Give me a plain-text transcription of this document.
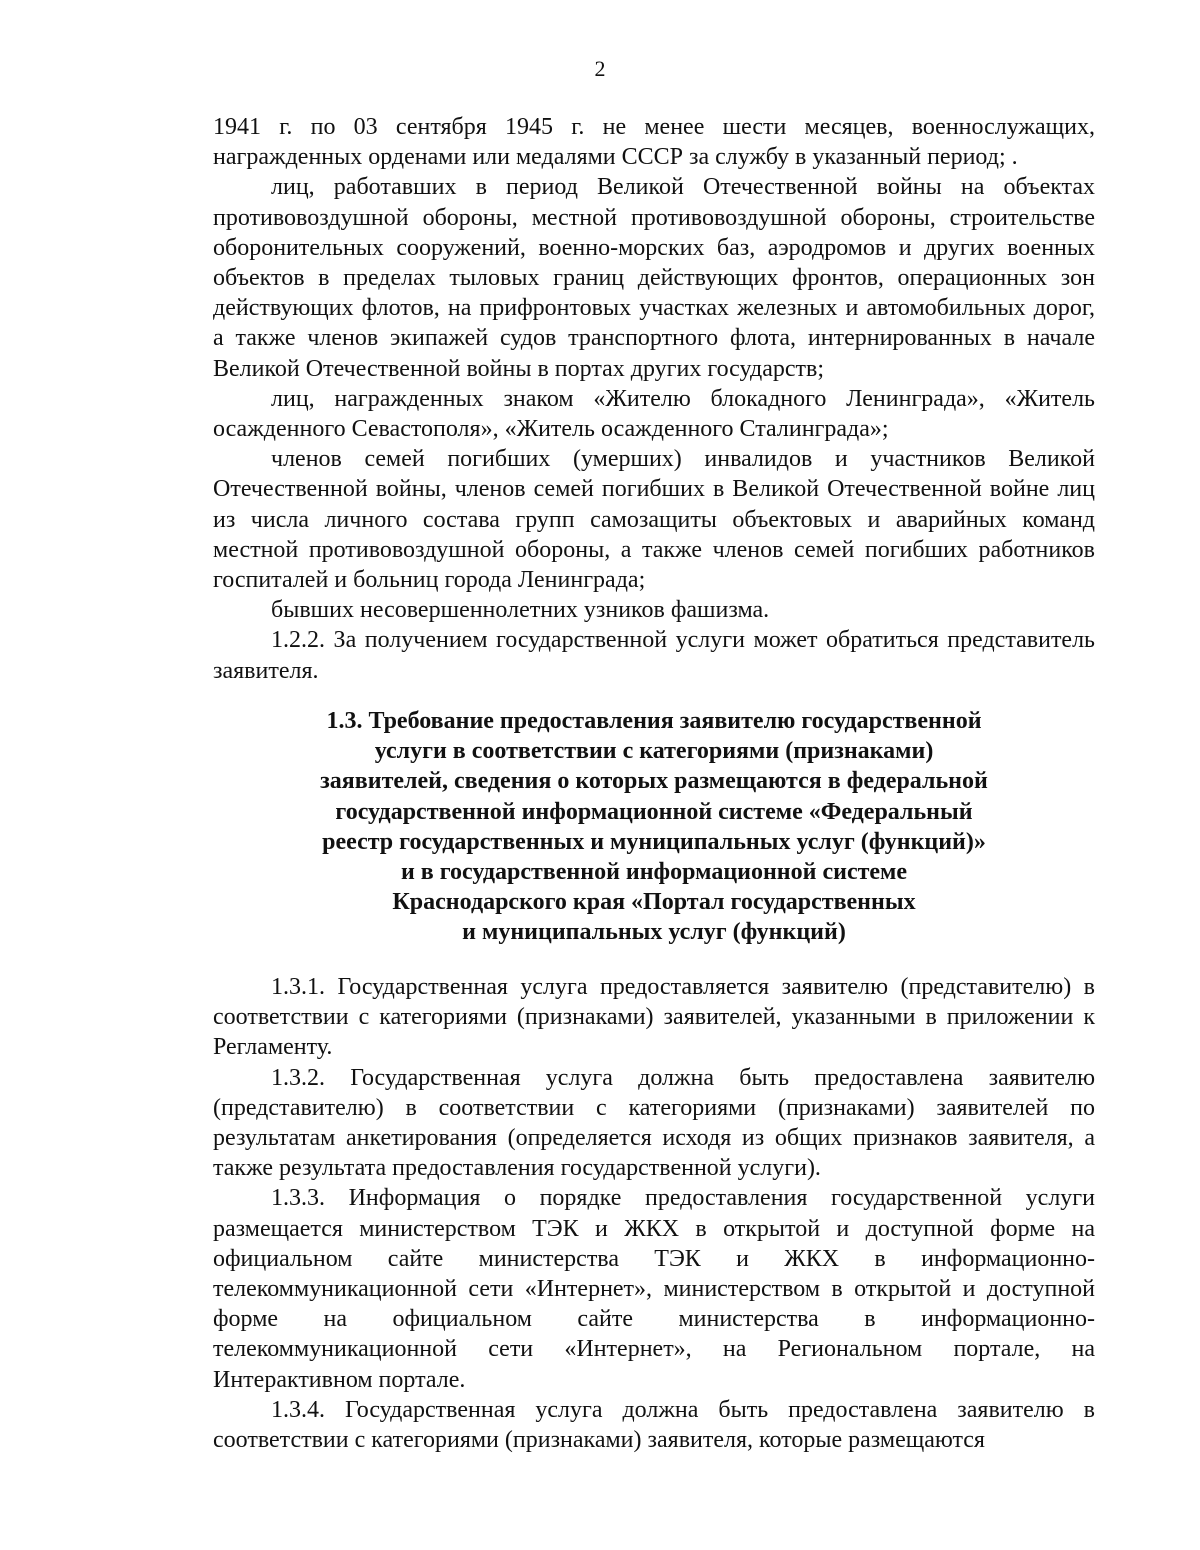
2

1941 г. по 03 сентября 1945 г. не менее шести месяцев, военнослужащих, награжденных орденами или медалями СССР за службу в указанный период; .

лиц, работавших в период Великой Отечественной войны на объектах противовоздушной обороны, местной противовоздушной обороны, строительстве оборонительных сооружений, военно-морских баз, аэродромов и других военных объектов в пределах тыловых границ действующих фронтов, операционных зон действующих флотов, на прифронтовых участках железных и автомобильных дорог, а также членов экипажей судов транспортного флота, интернированных в начале Великой Отечественной войны в портах других государств;

лиц, награжденных знаком «Жителю блокадного Ленинграда», «Житель осажденного Севастополя», «Житель осажденного Сталинграда»;

членов семей погибших (умерших) инвалидов и участников Великой Отечественной войны, членов семей погибших в Великой Отечественной войне лиц из числа личного состава групп самозащиты объектовых и аварийных команд местной противовоздушной обороны, а также членов семей погибших работников госпиталей и больниц города Ленинграда;

бывших несовершеннолетних узников фашизма.

1.2.2. За получением государственной услуги может обратиться представитель заявителя.

1.3. Требование предоставления заявителю государственной
услуги в соответствии с категориями (признаками)
заявителей, сведения о которых размещаются в федеральной
государственной информационной системе «Федеральный
реестр государственных и муниципальных услуг (функций)»
и в государственной информационной системе
Краснодарского края «Портал государственных
и муниципальных услуг (функций)

1.3.1. Государственная услуга предоставляется заявителю (представителю) в соответствии с категориями (признаками) заявителей, указанными в приложении к Регламенту.

1.3.2. Государственная услуга должна быть предоставлена заявителю (представителю) в соответствии с категориями (признаками) заявителей по результатам анкетирования (определяется исходя из общих признаков заявителя, а также результата предоставления государственной услуги).

1.3.3. Информация о порядке предоставления государственной услуги размещается министерством ТЭК и ЖКХ в открытой и доступной форме на официальном сайте министерства ТЭК и ЖКХ в информационно-телекоммуникационной сети «Интернет», министерством в открытой и доступной форме на официальном сайте министерства в информационно-телекоммуникационной сети «Интернет», на Региональном портале, на Интерактивном портале.

1.3.4. Государственная услуга должна быть предоставлена заявителю в соответствии с категориями (признаками) заявителя, которые размещаются
